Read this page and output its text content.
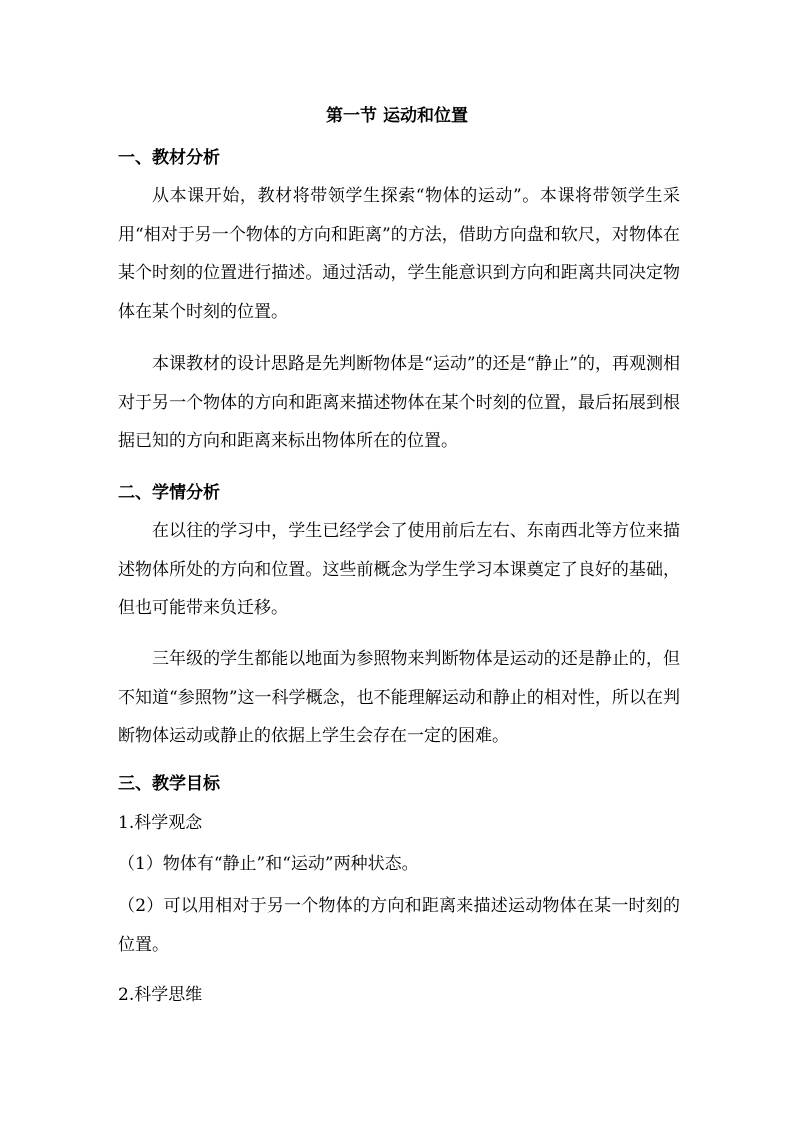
第一节 运动和位置
一、教材分析
从本课开始，教材将带领学生探索“物体的运动”。本课将带领学生采用“相对于另一个物体的方向和距离”的方法，借助方向盘和软尺，对物体在某个时刻的位置进行描述。通过活动，学生能意识到方向和距离共同决定物体在某个时刻的位置。
本课教材的设计思路是先判断物体是“运动”的还是“静止”的，再观测相对于另一个物体的方向和距离来描述物体在某个时刻的位置，最后拓展到根据已知的方向和距离来标出物体所在的位置。
二、学情分析
在以往的学习中，学生已经学会了使用前后左右、东南西北等方位来描述物体所处的方向和位置。这些前概念为学生学习本课奠定了良好的基础，但也可能带来负迁移。
三年级的学生都能以地面为参照物来判断物体是运动的还是静止的，但不知道“参照物”这一科学概念，也不能理解运动和静止的相对性，所以在判断物体运动或静止的依据上学生会存在一定的困难。
三、教学目标
1.科学观念
（1）物体有“静止”和“运动”两种状态。
（2）可以用相对于另一个物体的方向和距离来描述运动物体在某一时刻的位置。
2.科学思维
